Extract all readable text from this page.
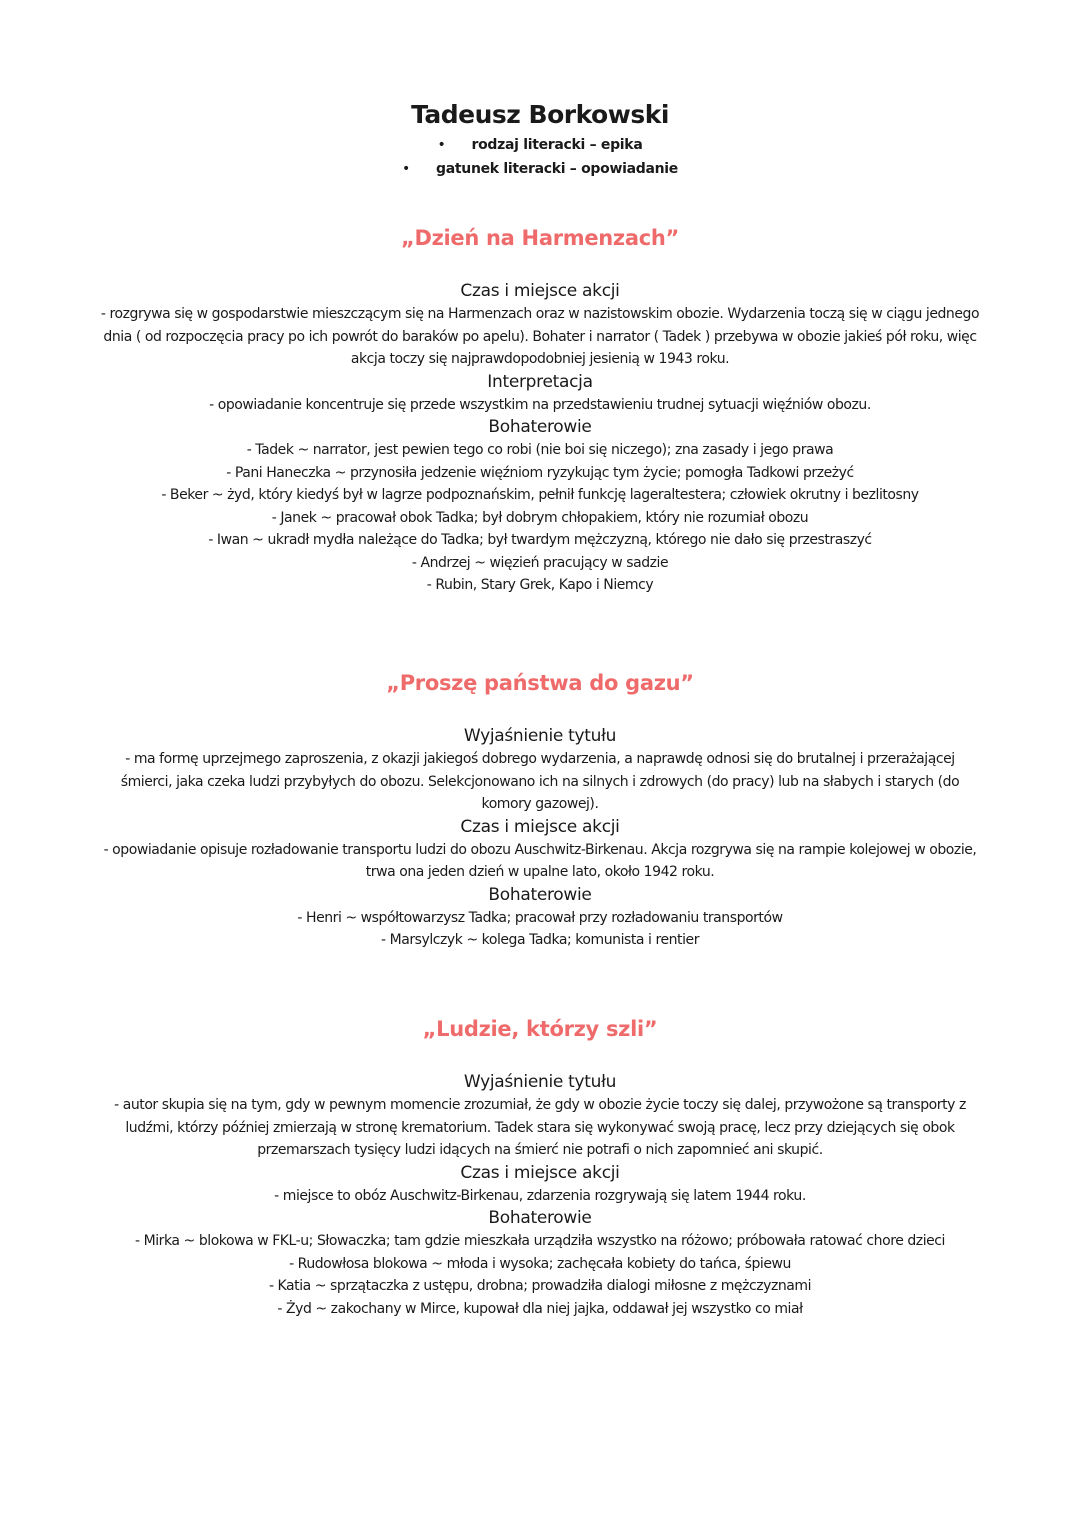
Tadeusz Borkowski
• rodzaj literacki – epika
• gatunek literacki – opowiadanie
„Dzień na Harmenzach”
Czas i miejsce akcji

- rozgrywa się w gospodarstwie mieszczącym się na Harmenzach oraz w nazistowskim obozie. Wydarzenia toczą się w ciągu jednego dnia ( od rozpoczęcia pracy po ich powrót do baraków po apelu). Bohater i narrator ( Tadek ) przebywa w obozie jakieś pół roku, więc akcja toczy się najprawdopodobniej jesienią w 1943 roku.

Interpretacja

- opowiadanie koncentruje się przede wszystkim na przedstawieniu trudnej sytuacji więźniów obozu.

Bohaterowie

- Tadek ~ narrator, jest pewien tego co robi (nie boi się niczego); zna zasady i jego prawa

- Pani Haneczka ~ przynosiła jedzenie więźniom ryzykując tym życie; pomogła Tadkowi przeżyć

- Beker ~ żyd, który kiedyś był w lagrze podpoznańskim, pełnił funkcję lageraltestera; człowiek okrutny i bezlitosny

- Janek ~ pracował obok Tadka; był dobrym chłopakiem, który nie rozumiał obozu

- Iwan ~ ukradł mydła należące do Tadka; był twardym mężczyzną, którego nie dało się przestraszyć

- Andrzej ~ więzień pracujący w sadzie

- Rubin, Stary Grek, Kapo i Niemcy

„Proszę państwa do gazu”
Wyjaśnienie tytułu

- ma formę uprzejmego zaproszenia, z okazji jakiegoś dobrego wydarzenia, a naprawdę odnosi się do brutalnej i przerażającej śmierci, jaka czeka ludzi przybyłych do obozu. Selekcjonowano ich na silnych i zdrowych (do pracy) lub na słabych i starych (do komory gazowej).

Czas i miejsce akcji

- opowiadanie opisuje rozładowanie transportu ludzi do obozu Auschwitz-Birkenau. Akcja rozgrywa się na rampie kolejowej w obozie, trwa ona jeden dzień w upalne lato, około 1942 roku.

Bohaterowie

- Henri ~ współtowarzysz Tadka; pracował przy rozładowaniu transportów

- Marsylczyk ~ kolega Tadka; komunista i rentier

„Ludzie, którzy szli”
Wyjaśnienie tytułu

- autor skupia się na tym, gdy w pewnym momencie zrozumiał, że gdy w obozie życie toczy się dalej, przywożone są transporty z ludźmi, którzy później zmierzają w stronę krematorium. Tadek stara się wykonywać swoją pracę, lecz przy dziejących się obok przemarszach tysięcy ludzi idących na śmierć nie potrafi o nich zapomnieć ani skupić.

Czas i miejsce akcji

- miejsce to obóz Auschwitz-Birkenau, zdarzenia rozgrywają się latem 1944 roku.

Bohaterowie

- Mirka ~ blokowa w FKL-u; Słowaczka; tam gdzie mieszkała urządziła wszystko na różowo; próbowała ratować chore dzieci

- Rudowłosa blokowa ~ młoda i wysoka; zachęcała kobiety do tańca, śpiewu

- Katia ~ sprzątaczka z ustępu, drobna; prowadziła dialogi miłosne z mężczyznami

- Żyd ~ zakochany w Mirce, kupował dla niej jajka, oddawał jej wszystko co miał
